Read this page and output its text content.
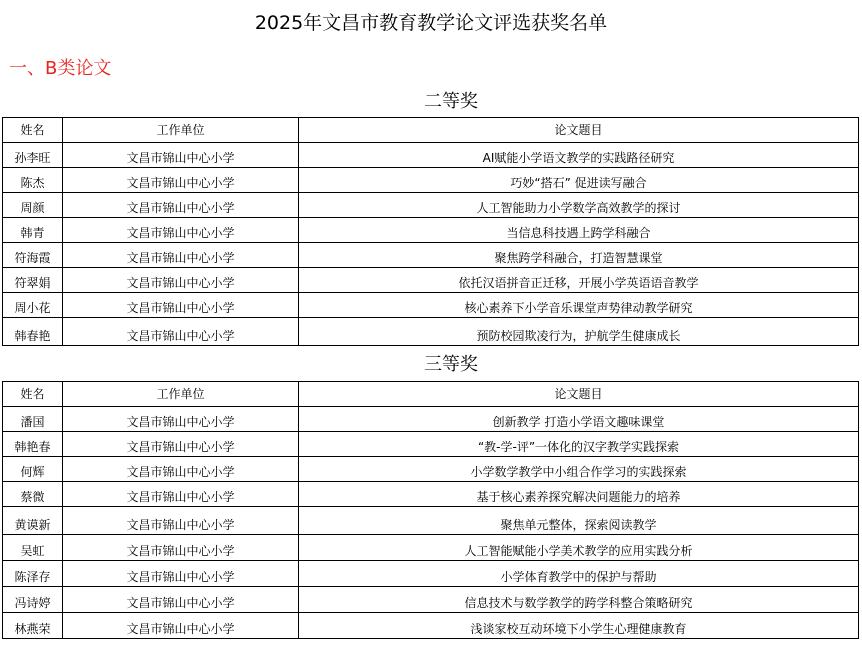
2025年文昌市教育教学论文评选获奖名单
一、B类论文
二等奖
姓名	工作单位	论文题目
孙李旺	文昌市锦山中心小学	AI赋能小学语文教学的实践路径研究
陈杰	文昌市锦山中心小学	巧妙“搭石” 促进读写融合
周颜	文昌市锦山中心小学	人工智能助力小学数学高效教学的探讨
韩青	文昌市锦山中心小学	当信息科技遇上跨学科融合
符海霞	文昌市锦山中心小学	聚焦跨学科融合，打造智慧课堂
符翠娟	文昌市锦山中心小学	依托汉语拼音正迁移，开展小学英语语音教学
周小花	文昌市锦山中心小学	核心素养下小学音乐课堂声势律动教学研究
韩春艳	文昌市锦山中心小学	预防校园欺凌行为，护航学生健康成长
三等奖
姓名	工作单位	论文题目
潘国	文昌市锦山中心小学	创新教学 打造小学语文趣味课堂
韩艳春	文昌市锦山中心小学	“教-学-评”一体化的汉字教学实践探索
何辉	文昌市锦山中心小学	小学数学教学中小组合作学习的实践探索
蔡微	文昌市锦山中心小学	基于核心素养探究解决问题能力的培养
黄谟新	文昌市锦山中心小学	聚焦单元整体，探索阅读教学
吴虹	文昌市锦山中心小学	人工智能赋能小学美术教学的应用实践分析
陈泽存	文昌市锦山中心小学	小学体育教学中的保护与帮助
冯诗婷	文昌市锦山中心小学	信息技术与数学教学的跨学科整合策略研究
林燕荣	文昌市锦山中心小学	浅谈家校互动环境下小学生心理健康教育
